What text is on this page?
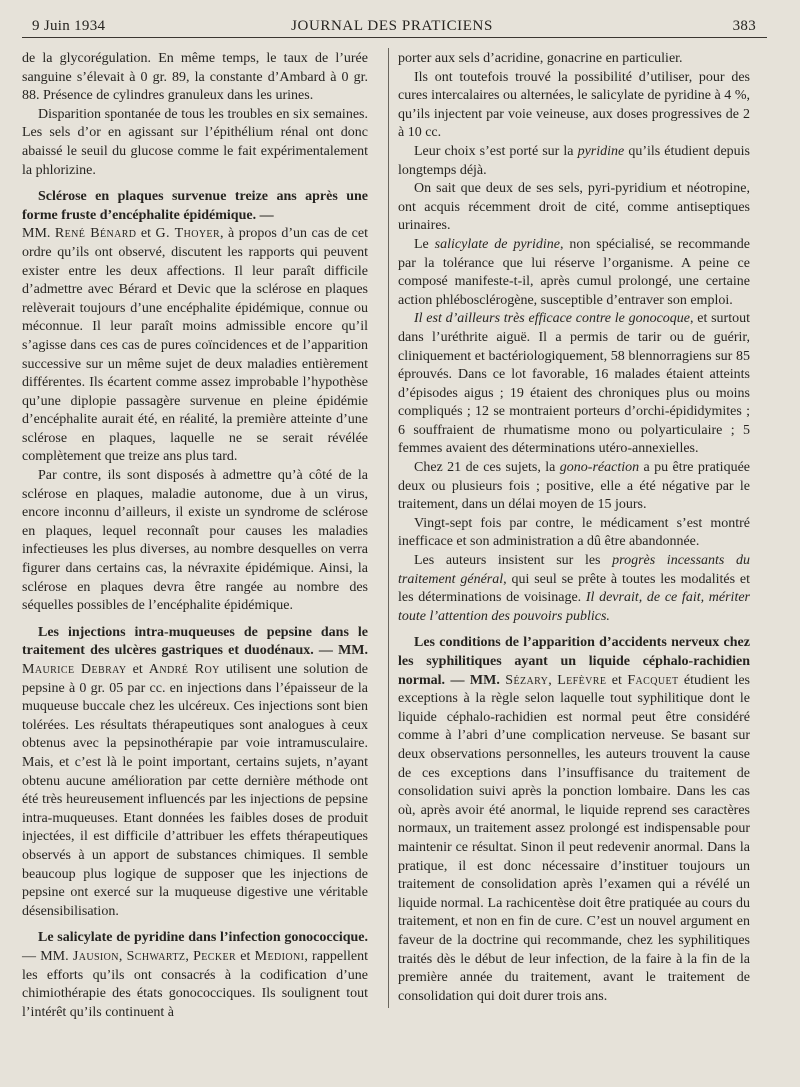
9 Juin 1934	JOURNAL DES PRATICIENS	383

de la glycorégulation. En même temps, le taux de l’urée sanguine s’élevait à 0 gr. 89, la constante d’Ambard à 0 gr. 88. Présence de cylindres granuleux dans les urines.

Disparition spontanée de tous les troubles en six semaines. Les sels d’or en agissant sur l’épithélium rénal ont donc abaissé le seuil du glucose comme le fait expérimentalement la phlorizine.

Sclérose en plaques survenue treize ans après une forme fruste d’encéphalite épidémique. —
MM. René Bénard et G. Thoyer, à propos d’un cas de cet ordre qu’ils ont observé, discutent les rapports qui peuvent exister entre les deux affections. Il leur paraît difficile d’admettre avec Bérard et Devic que la sclérose en plaques relèverait toujours d’une encéphalite épidémique, connue ou méconnue. Il leur paraît moins admissible encore qu’il s’agisse dans ces cas de pures coïncidences et de l’apparition successive sur un même sujet de deux maladies entièrement différentes. Ils écartent comme assez improbable l’hypothèse qu’une diplopie passagère survenue en pleine épidémie d’encéphalite aurait été, en réalité, la première atteinte d’une sclérose en plaques, laquelle ne se serait révélée complètement que treize ans plus tard.

Par contre, ils sont disposés à admettre qu’à côté de la sclérose en plaques, maladie autonome, due à un virus, encore inconnu d’ailleurs, il existe un syndrome de sclérose en plaques, lequel reconnaît pour causes les maladies infectieuses les plus diverses, au nombre desquelles on verra figurer dans certains cas, la névraxite épidémique. Ainsi, la sclérose en plaques devra être rangée au nombre des séquelles possibles de l’encéphalite épidémique.

Les injections intra-muqueuses de pepsine dans le traitement des ulcères gastriques et duodénaux. — MM. Maurice Debray et André Roy utilisent une solution de pepsine à 0 gr. 05 par cc. en injections dans l’épaisseur de la muqueuse buccale chez les ulcéreux. Ces injections sont bien tolérées. Les résultats thérapeutiques sont analogues à ceux obtenus avec la pepsinothérapie par voie intramusculaire. Mais, et c’est là le point important, certains sujets, n’ayant obtenu aucune amélioration par cette dernière méthode ont été très heureusement influencés par les injections de pepsine intra-muqueuses. Etant données les faibles doses de produit injectées, il est difficile d’attribuer les effets thérapeutiques observés à un apport de substances chimiques. Il semble beaucoup plus logique de supposer que les injections de pepsine ont exercé sur la muqueuse digestive une véritable désensibilisation.

Le salicylate de pyridine dans l’infection gonococcique. — MM. Jausion, Schwartz, Pecker et Medioni, rappellent les efforts qu’ils ont consacrés à la codification d’une chimiothérapie des états gonococciques. Ils soulignent tout l’intérêt qu’ils continuent à

porter aux sels d’acridine, gonacrine en particulier.

Ils ont toutefois trouvé la possibilité d’utiliser, pour des cures intercalaires ou alternées, le salicylate de pyridine à 4 %, qu’ils injectent par voie veineuse, aux doses progressives de 2 à 10 cc.

Leur choix s’est porté sur la pyridine qu’ils étudient depuis longtemps déjà.

On sait que deux de ses sels, pyri-pyridium et néotropine, ont acquis récemment droit de cité, comme antiseptiques urinaires.

Le salicylate de pyridine, non spécialisé, se recommande par la tolérance que lui réserve l’organisme. A peine ce composé manifeste-t-il, après cumul prolongé, une certaine action phlébosclérogène, susceptible d’entraver son emploi.

Il est d’ailleurs très efficace contre le gonocoque, et surtout dans l’uréthrite aiguë. Il a permis de tarir ou de guérir, cliniquement et bactériologiquement, 58 blennorragiens sur 85 éprouvés. Dans ce lot favorable, 16 malades étaient atteints d’épisodes aigus ; 19 étaient des chroniques plus ou moins compliqués ; 12 se montraient porteurs d’orchi-épididymites ; 6 souffraient de rhumatisme mono ou polyarticulaire ; 5 femmes avaient des déterminations utéro-annexielles.

Chez 21 de ces sujets, la gono-réaction a pu être pratiquée deux ou plusieurs fois ; positive, elle a été négative par le traitement, dans un délai moyen de 15 jours.

Vingt-sept fois par contre, le médicament s’est montré inefficace et son administration a dû être abandonnée.

Les auteurs insistent sur les progrès incessants du traitement général, qui seul se prête à toutes les modalités et les déterminations de voisinage. Il devrait, de ce fait, mériter toute l’attention des pouvoirs publics.

Les conditions de l’apparition d’accidents nerveux chez les syphilitiques ayant un liquide céphalo-rachidien normal. — MM. Sézary, Lefèvre et Facquet étudient les exceptions à la règle selon laquelle tout syphilitique dont le liquide céphalo-rachidien est normal peut être considéré comme à l’abri d’une complication nerveuse. Se basant sur deux observations personnelles, les auteurs trouvent la cause de ces exceptions dans l’insuffisance du traitement de consolidation suivi après la ponction lombaire. Dans les cas où, après avoir été anormal, le liquide reprend ses caractères normaux, un traitement assez prolongé est indispensable pour maintenir ce résultat. Sinon il peut redevenir anormal. Dans la pratique, il est donc nécessaire d’instituer toujours un traitement de consolidation après l’examen qui a révélé un liquide normal. La rachicentèse doit être pratiquée au cours du traitement, et non en fin de cure. C’est un nouvel argument en faveur de la doctrine qui recommande, chez les syphilitiques traités dès le début de leur infection, de la faire à la fin de la première année du traitement, avant le traitement de consolidation qui doit durer trois ans.
